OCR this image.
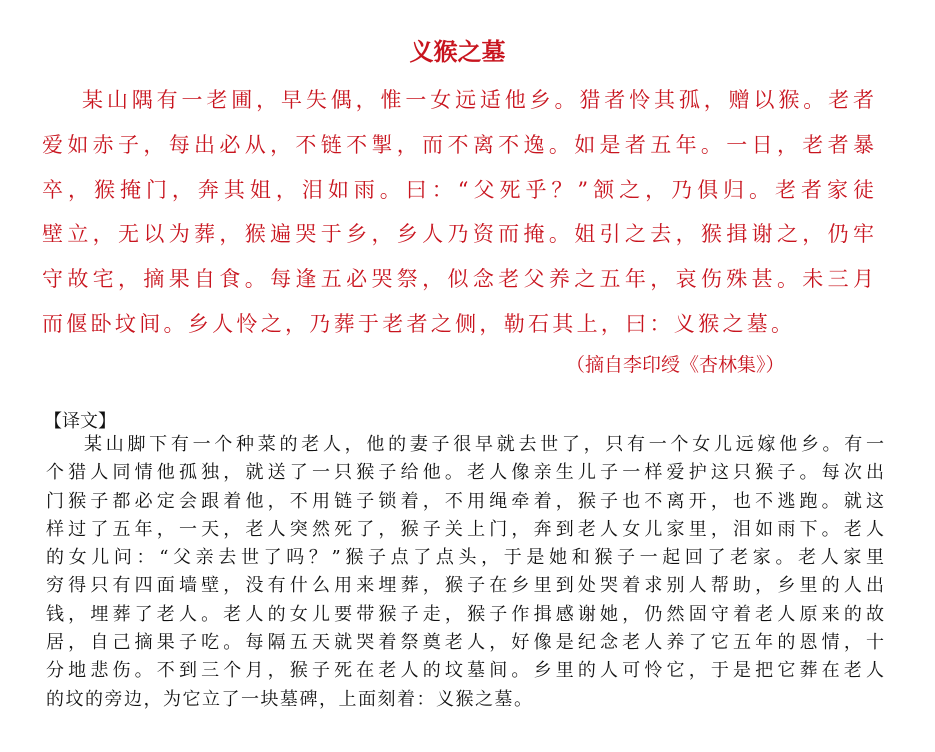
义猴之墓
某山隅有一老圃，早失偶，惟一女远适他乡。猎者怜其孤，赠以猴。老者
爱如赤子，每出必从，不链不掣，而不离不逸。如是者五年。一日，老者暴
卒，猴掩门，奔其姐，泪如雨。曰：“父死乎？”颔之，乃俱归。老者家徒
壁立，无以为葬，猴遍哭于乡，乡人乃资而掩。姐引之去，猴揖谢之，仍牢
守故宅，摘果自食。每逢五必哭祭，似念老父养之五年，哀伤殊甚。未三月
而偃卧坟间。乡人怜之，乃葬于老者之侧，勒石其上，曰：义猴之墓。
（摘自李印绶《杏林集》）
【译文】
某山脚下有一个种菜的老人，他的妻子很早就去世了，只有一个女儿远嫁他乡。有一
个猎人同情他孤独，就送了一只猴子给他。老人像亲生儿子一样爱护这只猴子。每次出
门猴子都必定会跟着他，不用链子锁着，不用绳牵着，猴子也不离开，也不逃跑。就这
样过了五年，一天，老人突然死了，猴子关上门，奔到老人女儿家里，泪如雨下。老人
的女儿问：“父亲去世了吗？”猴子点了点头，于是她和猴子一起回了老家。老人家里
穷得只有四面墙壁，没有什么用来埋葬，猴子在乡里到处哭着求别人帮助，乡里的人出
钱，埋葬了老人。老人的女儿要带猴子走，猴子作揖感谢她，仍然固守着老人原来的故
居，自己摘果子吃。每隔五天就哭着祭奠老人，好像是纪念老人养了它五年的恩情，十
分地悲伤。不到三个月，猴子死在老人的坟墓间。乡里的人可怜它，于是把它葬在老人
的坟的旁边，为它立了一块墓碑，上面刻着：义猴之墓。
